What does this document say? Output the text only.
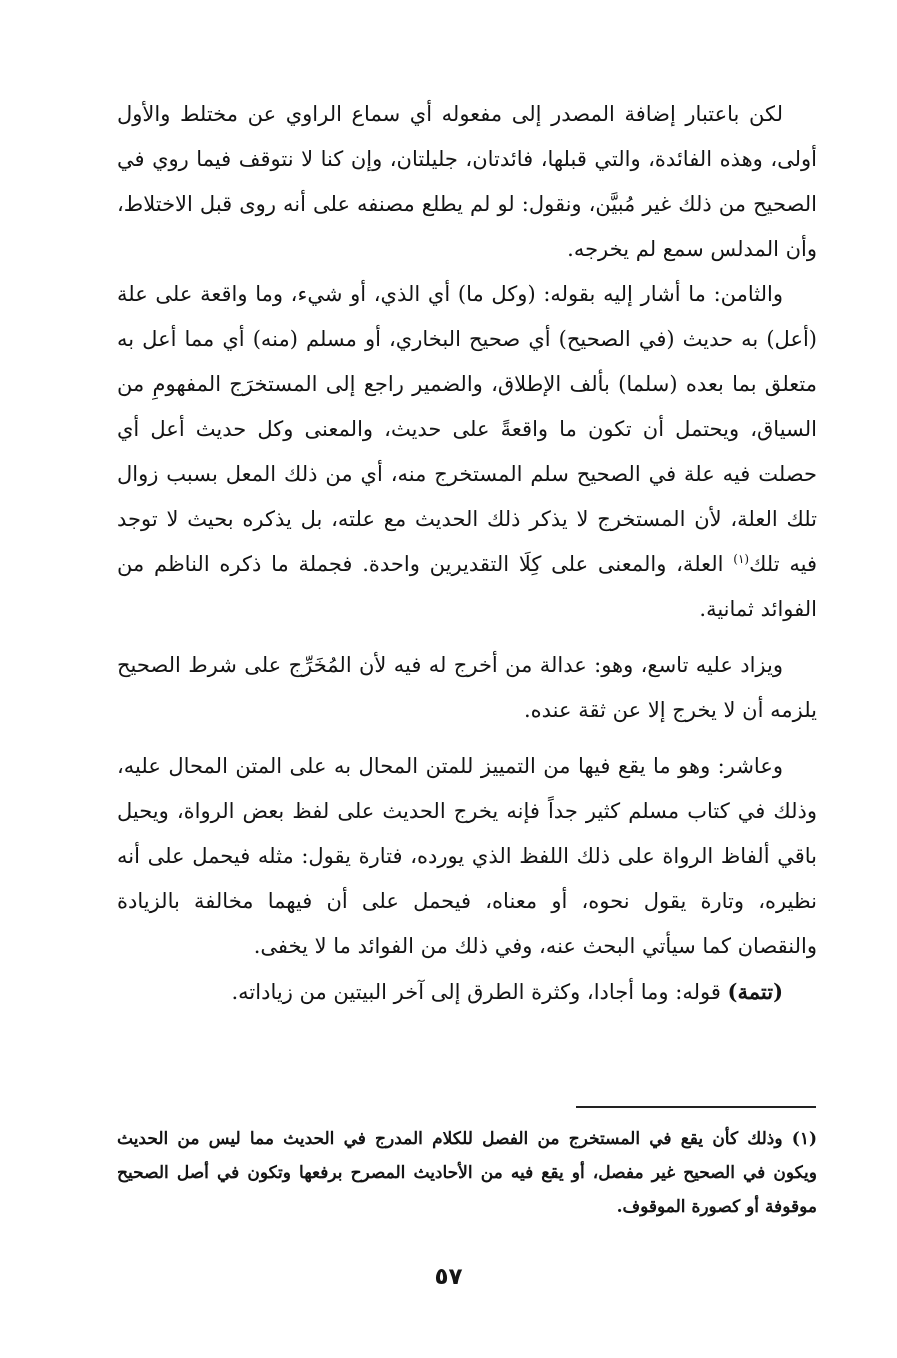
لكن باعتبار إضافة المصدر إلى مفعوله أي سماع الراوي عن مختلط والأول أولى، وهذه الفائدة، والتي قبلها، فائدتان، جليلتان، وإن كنا لا نتوقف فيما روي في الصحيح من ذلك غير مُبيَّن، ونقول: لو لم يطلع مصنفه على أنه روى قبل الاختلاط، وأن المدلس سمع لم يخرجه.

والثامن: ما أشار إليه بقوله: (وكل ما) أي الذي، أو شيء، وما واقعة على علة (أعل) به حديث (في الصحيح) أي صحيح البخاري، أو مسلم (منه) أي مما أعل به متعلق بما بعده (سلما) بألف الإطلاق، والضمير راجع إلى المستخرَج المفهومِ من السياق، ويحتمل أن تكون ما واقعةً على حديث، والمعنى وكل حديث أعل أي حصلت فيه علة في الصحيح سلم المستخرج منه، أي من ذلك المعل بسبب زوال تلك العلة، لأن المستخرج لا يذكر ذلك الحديث مع علته، بل يذكره بحيث لا توجد فيه تلك$^{(١)}$ العلة، والمعنى على كِلَا التقديرين واحدة. فجملة ما ذكره الناظم من الفوائد ثمانية.

ويزاد عليه تاسع، وهو: عدالة من أخرج له فيه لأن المُخَرِّج على شرط الصحيح يلزمه أن لا يخرج إلا عن ثقة عنده.

وعاشر: وهو ما يقع فيها من التمييز للمتن المحال به على المتن المحال عليه، وذلك في كتاب مسلم كثير جداً فإنه يخرج الحديث على لفظ بعض الرواة، ويحيل باقي ألفاظ الرواة على ذلك اللفظ الذي يورده، فتارة يقول: مثله فيحمل على أنه نظيره، وتارة يقول نحوه، أو معناه، فيحمل على أن فيهما مخالفة بالزيادة والنقصان كما سيأتي البحث عنه، وفي ذلك من الفوائد ما لا يخفى.

(تتمة) قوله: وما أجادا، وكثرة الطرق إلى آخر البيتين من زياداته.

(١) وذلك كأن يقع في المستخرج من الفصل للكلام المدرج في الحديث مما ليس من الحديث ويكون في الصحيح غير مفصل، أو يقع فيه من الأحاديث المصرح برفعها وتكون في أصل الصحيح موقوفة أو كصورة الموقوف.

٥٧
